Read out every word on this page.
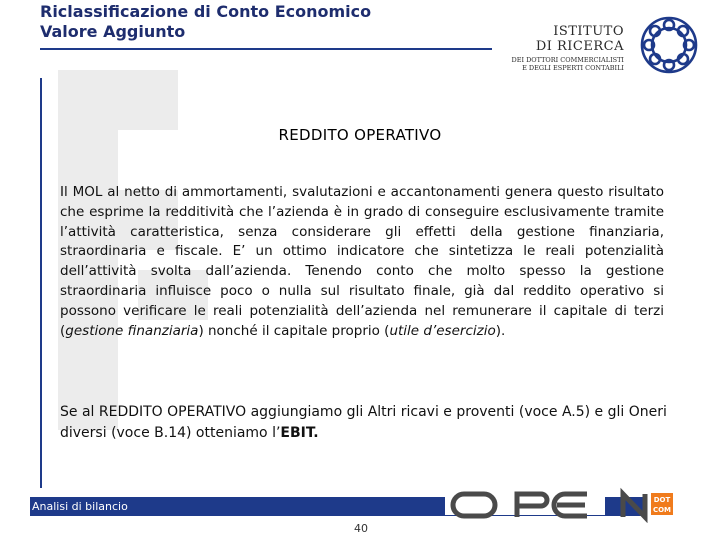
Riclassificazione di Conto Economico
Valore Aggiunto	ISTITUTO
DI RICERCA
DEI DOTTORI COMMERCIALISTI
E DEGLI ESPERTI CONTABILI
REDDITO OPERATIVO
Il MOL al netto di ammortamenti, svalutazioni e accantonamenti genera questo risultato che esprime la redditività che l’azienda è in grado di conseguire esclusivamente tramite l’attività caratteristica, senza considerare gli effetti della gestione finanziaria, straordinaria e fiscale. E’ un ottimo indicatore che sintetizza le reali potenzialità dell’attività svolta dall’azienda. Tenendo conto che molto spesso la gestione straordinaria influisce poco o nulla sul risultato finale, già dal reddito operativo si possono verificare le reali potenzialità dell’azienda nel remunerare il capitale di terzi (gestione finanziaria) nonché il capitale proprio (utile d’esercizio).
Se al REDDITO OPERATIVO aggiungiamo gli Altri ricavi e proventi (voce A.5) e gli Oneri diversi (voce B.14) otteniamo l’EBIT.
Analisi di bilancio	DOT
COM
40
